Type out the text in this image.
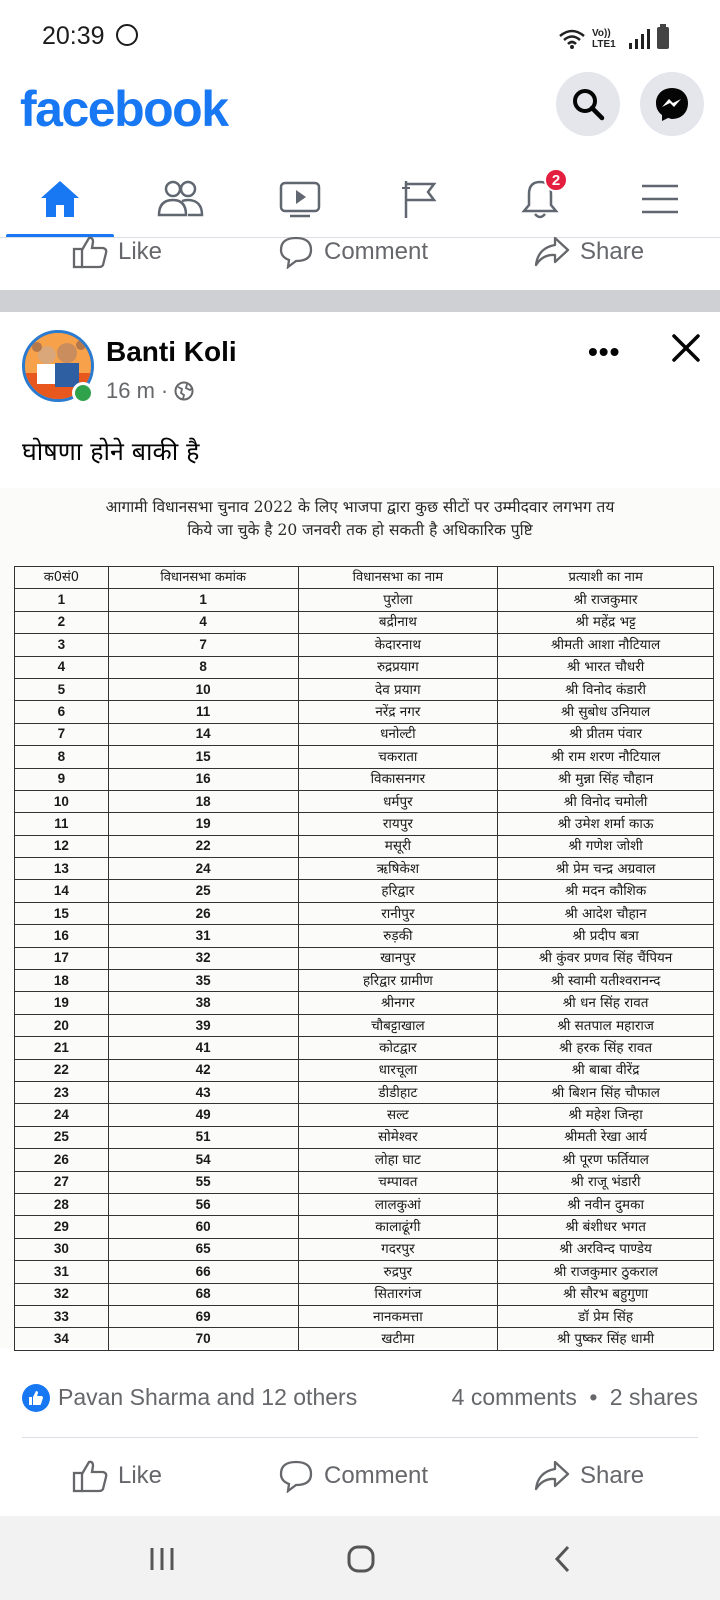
20:39	Vo)) LTE1
facebook
2
Like	Comment	Share
Banti Koli
16 m ·
•••
घोषणा होने बाकी है
आगामी विधानसभा चुनाव 2022 के लिए भाजपा द्वारा कुछ सीटों पर उम्मीदवार लगभग तय
किये जा चुके है 20 जनवरी तक हो सकती है अधिकारिक पुष्टि
क0सं0	विधानसभा कमांक	विधानसभा का नाम	प्रत्याशी का नाम
1	1	पुरोला	श्री राजकुमार
2	4	बद्रीनाथ	श्री महेंद्र भट्ट
3	7	केदारनाथ	श्रीमती आशा नौटियाल
4	8	रुद्रप्रयाग	श्री भारत चौधरी
5	10	देव प्रयाग	श्री विनोद कंडारी
6	11	नरेंद्र नगर	श्री सुबोध उनियाल
7	14	धनोल्टी	श्री प्रीतम पंवार
8	15	चकराता	श्री राम शरण नौटियाल
9	16	विकासनगर	श्री मुन्ना सिंह चौहान
10	18	धर्मपुर	श्री विनोद चमोली
11	19	रायपुर	श्री उमेश शर्मा काऊ
12	22	मसूरी	श्री गणेश जोशी
13	24	ऋषिकेश	श्री प्रेम चन्द्र अग्रवाल
14	25	हरिद्वार	श्री मदन कौशिक
15	26	रानीपुर	श्री आदेश चौहान
16	31	रुड़की	श्री प्रदीप बत्रा
17	32	खानपुर	श्री कुंवर प्रणव सिंह चैंपियन
18	35	हरिद्वार ग्रामीण	श्री स्वामी यतीश्वरानन्द
19	38	श्रीनगर	श्री धन सिंह रावत
20	39	चौबट्टाखाल	श्री सतपाल महाराज
21	41	कोटद्वार	श्री हरक सिंह रावत
22	42	धारचूला	श्री बाबा वीरेंद्र
23	43	डीडीहाट	श्री बिशन सिंह चौफाल
24	49	सल्ट	श्री महेश जिन्हा
25	51	सोमेश्वर	श्रीमती रेखा आर्य
26	54	लोहा घाट	श्री पूरण फर्तियाल
27	55	चम्पावत	श्री राजू भंडारी
28	56	लालकुआं	श्री नवीन दुमका
29	60	कालाढूंगी	श्री बंशीधर भगत
30	65	गदरपुर	श्री अरविन्द पाण्डेय
31	66	रुद्रपुर	श्री राजकुमार ठुकराल
32	68	सितारगंज	श्री सौरभ बहुगुणा
33	69	नानकमत्ता	डॉ प्रेम सिंह
34	70	खटीमा	श्री पुष्कर सिंह धामी
Pavan Sharma and 12 others	4 comments • 2 shares
Like	Comment	Share
